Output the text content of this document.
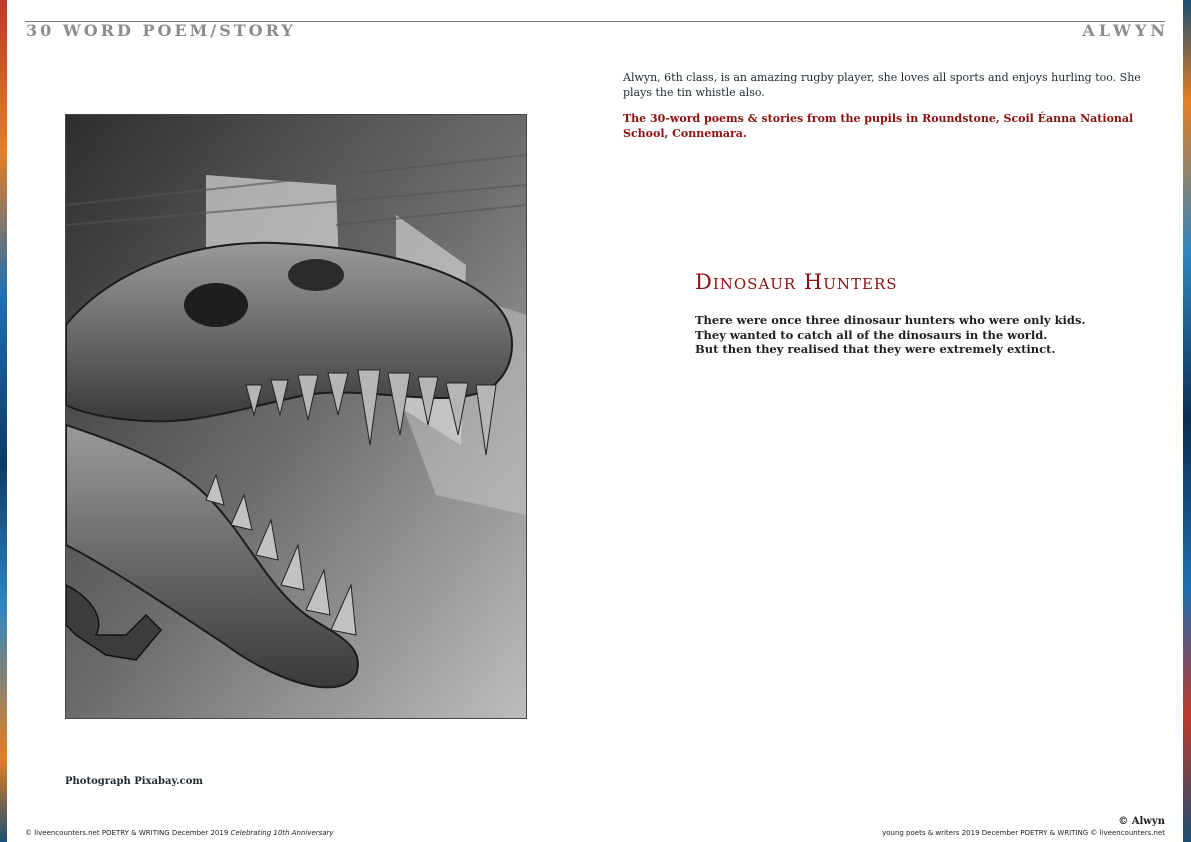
30 WORD POEM/STORY	ALWYN
Photograph Pixabay.com

Alwyn, 6th class, is an amazing rugby player, she loves all sports and enjoys hurling too. She plays the tin whistle also.

The 30-word poems & stories from the pupils in Roundstone, Scoil Éanna National School, Connemara.

Dinosaur Hunters
There were once three dinosaur hunters who were only kids.
They wanted to catch all of the dinosaurs in the world.
But then they realised that they were extremely extinct.
© Alwyn
© liveencounters.net POETRY & WRITING December 2019 Celebrating 10th Anniversary	young poets & writers 2019 December POETRY & WRITING © liveencounters.net
